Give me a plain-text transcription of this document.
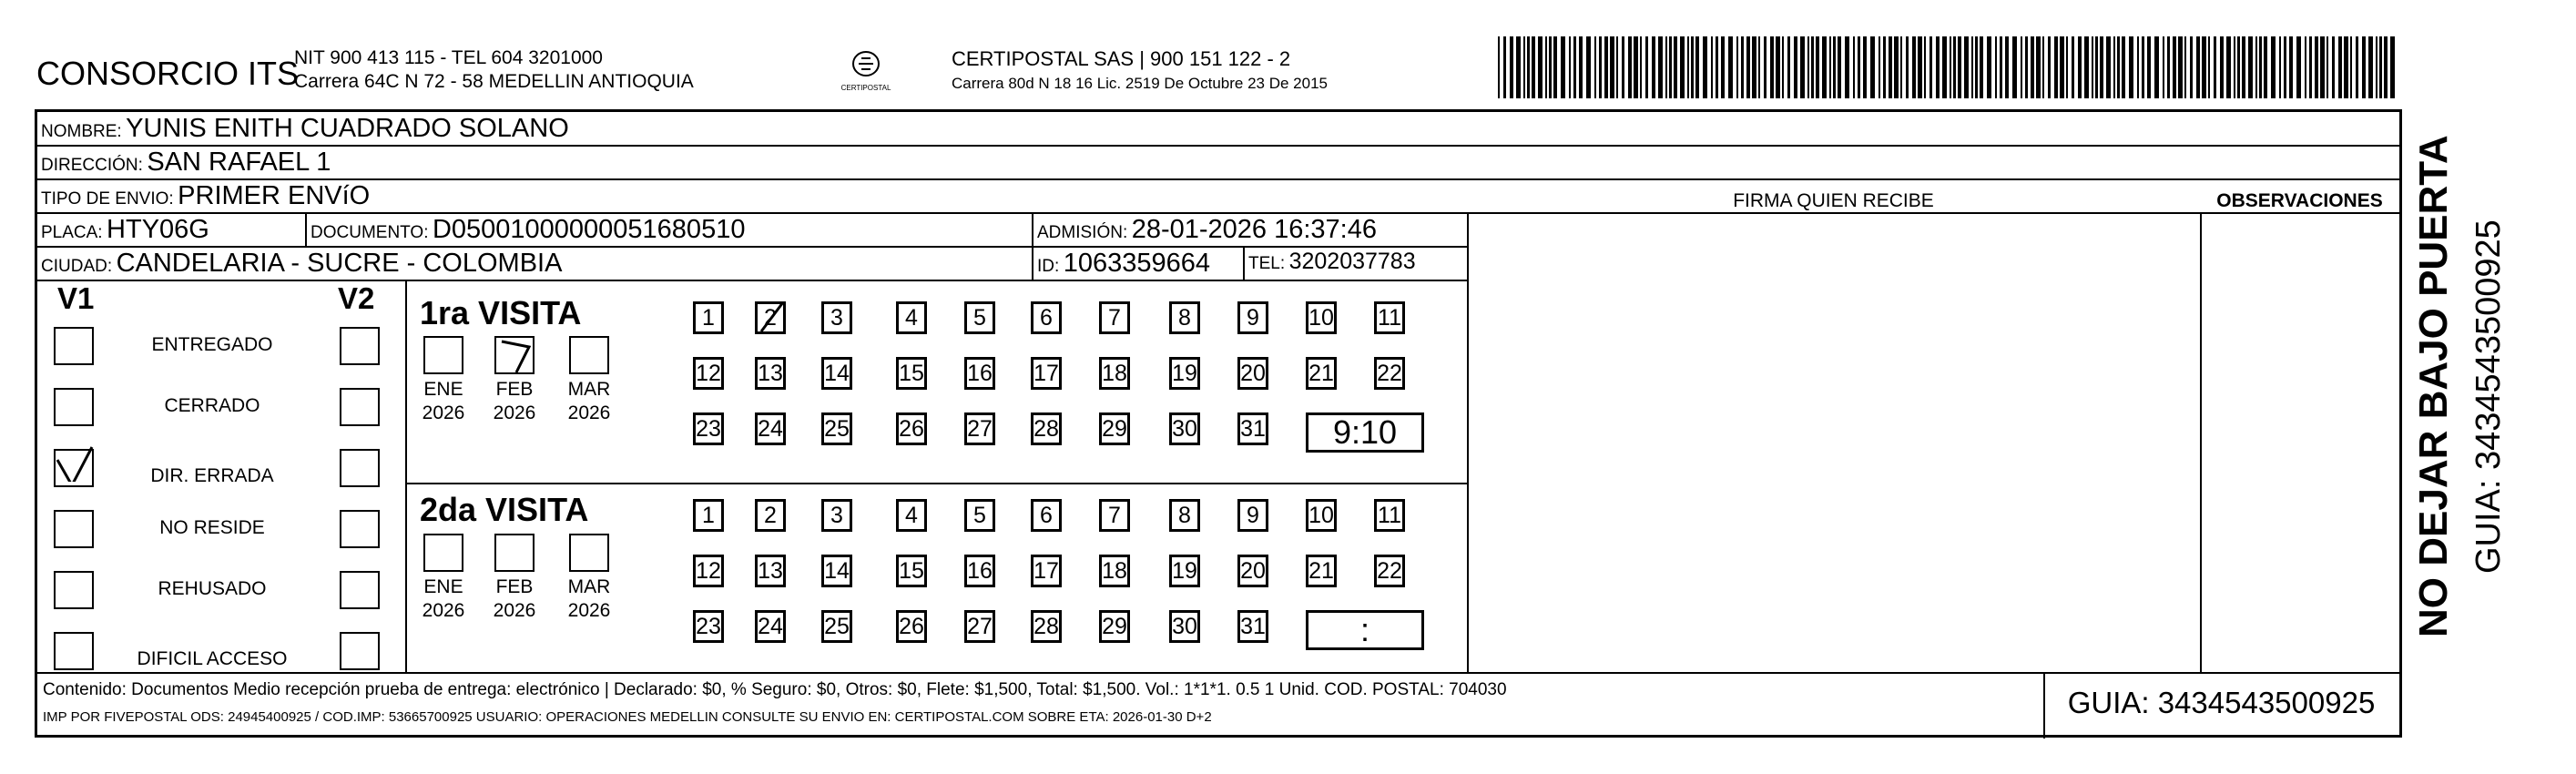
CONSORCIO ITS
NIT 900 413 115 - TEL 604 3201000
Carrera 64C N 72 - 58 MEDELLIN ANTIOQUIA	CERTIPOSTAL
CERTIPOSTAL SAS | 900 151 122 - 2
Carrera 80d N 18 16 Lic. 2519 De Octubre 23 De 2015
NOMBRE: YUNIS ENITH CUADRADO SOLANO
DIRECCIÓN: SAN RAFAEL 1
TIPO DE ENVIO: PRIMER ENVíO	FIRMA QUIEN RECIBE	OBSERVACIONES
PLACA: HTY06G	DOCUMENTO: D05001000000051680510	ADMISIÓN: 28-01-2026 16:37:46
CIUDAD: CANDELARIA - SUCRE - COLOMBIA	ID: 1063359664 TEL: 3202037783
V1	V2
ENTREGADO
CERRADO
DIR. ERRADA
NO RESIDE
REHUSADO
DIFICIL ACCESO
1ra VISITA
2da VISITA
ENE
2026
FEB
2026
MAR
2026
1	2	3	4	5	6	7	8	9	10 11
12 13 14 15 16 17 18 19 20 21 22
23 24 25 26 27 28 29 30 31	9:10
ENE
2026
FEB
2026
MAR
2026
1	2	3	4	5	6	7	8	9	10 11
12 13 14 15 16 17 18 19 20 21 22
23 24 25 26 27 28 29 30 31	:
Contenido: Documentos Medio recepción prueba de entrega: electrónico | Declarado: $0, % Seguro: $0, Otros: $0, Flete: $1,500, Total: $1,500. Vol.: 1*1*1. 0.5 1 Unid. COD. POSTAL: 704030
IMP POR FIVEPOSTAL ODS: 24945400925 / COD.IMP: 53665700925 USUARIO: OPERACIONES MEDELLIN CONSULTE SU ENVIO EN: CERTIPOSTAL.COM SOBRE ETA: 2026-01-30 D+2	GUIA: 3434543500925
NO DEJAR BAJO PUERTA GUIA: 3434543500925
